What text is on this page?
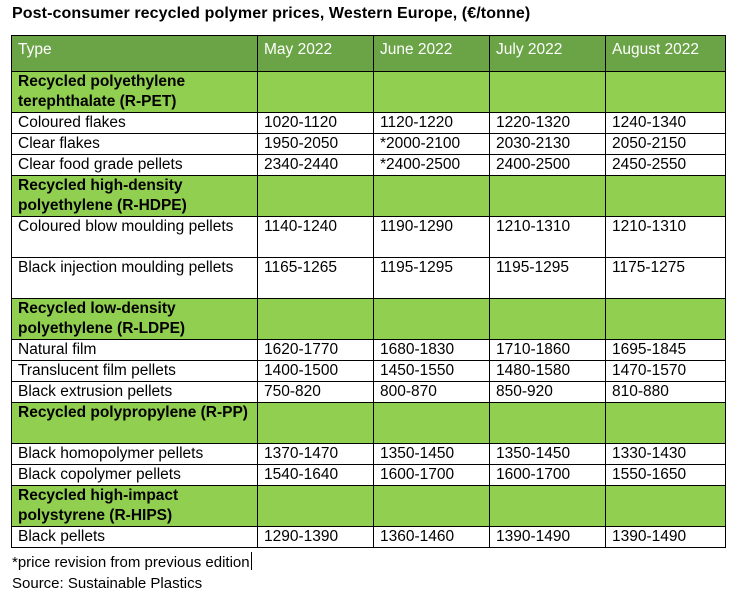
Post-consumer recycled polymer prices, Western Europe, (€/tonne)
Type	May 2022	June 2022	July 2022	August 2022
Recycled polyethylene terephthalate (R-PET)				
Coloured flakes	1020-1120	1120-1220	1220-1320	1240-1340
Clear flakes	1950-2050	*2000-2100	2030-2130	2050-2150
Clear food grade pellets	2340-2440	*2400-2500	2400-2500	2450-2550
Recycled high-density polyethylene (R-HDPE)				
Coloured blow moulding pellets	1140-1240	1190-1290	1210-1310	1210-1310
Black injection moulding pellets	1165-1265	1195-1295	1195-1295	1175-1275
Recycled low-density polyethylene (R-LDPE)				
Natural film	1620-1770	1680-1830	1710-1860	1695-1845
Translucent film pellets	1400-1500	1450-1550	1480-1580	1470-1570
Black extrusion pellets	750-820	800-870	850-920	810-880
Recycled polypropylene (R-PP)				
Black homopolymer pellets	1370-1470	1350-1450	1350-1450	1330-1430
Black copolymer pellets	1540-1640	1600-1700	1600-1700	1550-1650
Recycled high-impact polystyrene (R-HIPS)				
Black pellets	1290-1390	1360-1460	1390-1490	1390-1490
*price revision from previous edition
Source: Sustainable Plastics
